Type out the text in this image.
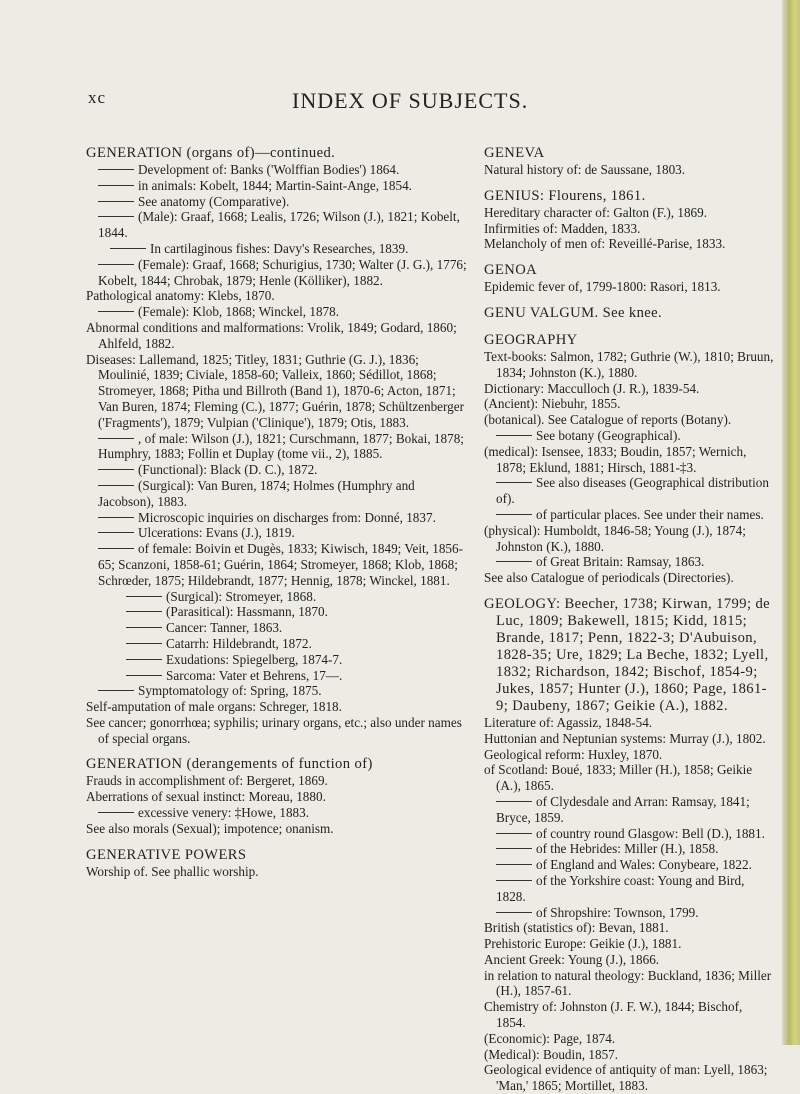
xc	INDEX OF SUBJECTS.

GENERATION (organs of)—continued.

Development of: Banks ('Wolffian Bodies') 1864.

in animals: Kobelt, 1844; Martin-Saint-Ange, 1854.

See anatomy (Comparative).

(Male): Graaf, 1668; Lealis, 1726; Wilson (J.), 1821; Kobelt, 1844.

In cartilaginous fishes: Davy's Researches, 1839.

(Female): Graaf, 1668; Schurigius, 1730; Walter (J. G.), 1776; Kobelt, 1844; Chrobak, 1879; Henle (Kölliker), 1882.

Pathological anatomy: Klebs, 1870.

(Female): Klob, 1868; Winckel, 1878.

Abnormal conditions and malformations: Vrolik, 1849; Godard, 1860; Ahlfeld, 1882.

Diseases: Lallemand, 1825; Titley, 1831; Guthrie (G. J.), 1836; Moulinié, 1839; Civiale, 1858-60; Valleix, 1860; Sédillot, 1868; Stromeyer, 1868; Pitha und Billroth (Band 1), 1870-6; Acton, 1871; Van Buren, 1874; Fleming (C.), 1877; Guérin, 1878; Schültzenberger ('Fragments'), 1879; Vulpian ('Clinique'), 1879; Otis, 1883.

, of male: Wilson (J.), 1821; Curschmann, 1877; Bokai, 1878; Humphry, 1883; Follin et Duplay (tome vii., 2), 1885.

(Functional): Black (D. C.), 1872.

(Surgical): Van Buren, 1874; Holmes (Humphry and Jacobson), 1883.

Microscopic inquiries on discharges from: Donné, 1837.

Ulcerations: Evans (J.), 1819.

of female: Boivin et Dugès, 1833; Kiwisch, 1849; Veit, 1856-65; Scanzoni, 1858-61; Guérin, 1864; Stromeyer, 1868; Klob, 1868; Schrœder, 1875; Hildebrandt, 1877; Hennig, 1878; Winckel, 1881.

(Surgical): Stromeyer, 1868.

(Parasitical): Hassmann, 1870.

Cancer: Tanner, 1863.

Catarrh: Hildebrandt, 1872.

Exudations: Spiegelberg, 1874-7.

Sarcoma: Vater et Behrens, 17—.

Symptomatology of: Spring, 1875.

Self-amputation of male organs: Schreger, 1818.

See cancer; gonorrhœa; syphilis; urinary organs, etc.; also under names of special organs.

GENERATION (derangements of function of)

Frauds in accomplishment of: Bergeret, 1869.

Aberrations of sexual instinct: Moreau, 1880.

excessive venery: ‡Howe, 1883.

See also morals (Sexual); impotence; onanism.

GENERATIVE POWERS

Worship of. See phallic worship.

GENEVA

Natural history of: de Saussane, 1803.

GENIUS: Flourens, 1861.

Hereditary character of: Galton (F.), 1869.

Infirmities of: Madden, 1833.

Melancholy of men of: Reveillé-Parise, 1833.

GENOA

Epidemic fever of, 1799-1800: Rasori, 1813.

GENU VALGUM. See knee.

GEOGRAPHY

Text-books: Salmon, 1782; Guthrie (W.), 1810; Bruun, 1834; Johnston (K.), 1880.

Dictionary: Macculloch (J. R.), 1839-54.

(Ancient): Niebuhr, 1855.

(botanical). See Catalogue of reports (Botany).

See botany (Geographical).

(medical): Isensee, 1833; Boudin, 1857; Wernich, 1878; Eklund, 1881; Hirsch, 1881-‡3.

See also diseases (Geographical distribution of).

of particular places. See under their names.

(physical): Humboldt, 1846-58; Young (J.), 1874; Johnston (K.), 1880.

of Great Britain: Ramsay, 1863.

See also Catalogue of periodicals (Directories).

GEOLOGY: Beecher, 1738; Kirwan, 1799; de Luc, 1809; Bakewell, 1815; Kidd, 1815; Brande, 1817; Penn, 1822-3; D'Aubuison, 1828-35; Ure, 1829; La Beche, 1832; Lyell, 1832; Richardson, 1842; Bischof, 1854-9; Jukes, 1857; Hunter (J.), 1860; Page, 1861-9; Daubeny, 1867; Geikie (A.), 1882.

Literature of: Agassiz, 1848-54.

Huttonian and Neptunian systems: Murray (J.), 1802.

Geological reform: Huxley, 1870.

of Scotland: Boué, 1833; Miller (H.), 1858; Geikie (A.), 1865.

of Clydesdale and Arran: Ramsay, 1841; Bryce, 1859.

of country round Glasgow: Bell (D.), 1881.

of the Hebrides: Miller (H.), 1858.

of England and Wales: Conybeare, 1822.

of the Yorkshire coast: Young and Bird, 1828.

of Shropshire: Townson, 1799.

British (statistics of): Bevan, 1881.

Prehistoric Europe: Geikie (J.), 1881.

Ancient Greek: Young (J.), 1866.

in relation to natural theology: Buckland, 1836; Miller (H.), 1857-61.

Chemistry of: Johnston (J. F. W.), 1844; Bischof, 1854.

(Economic): Page, 1874.

(Medical): Boudin, 1857.

Geological evidence of antiquity of man: Lyell, 1863; 'Man,' 1865; Mortillet, 1883.
